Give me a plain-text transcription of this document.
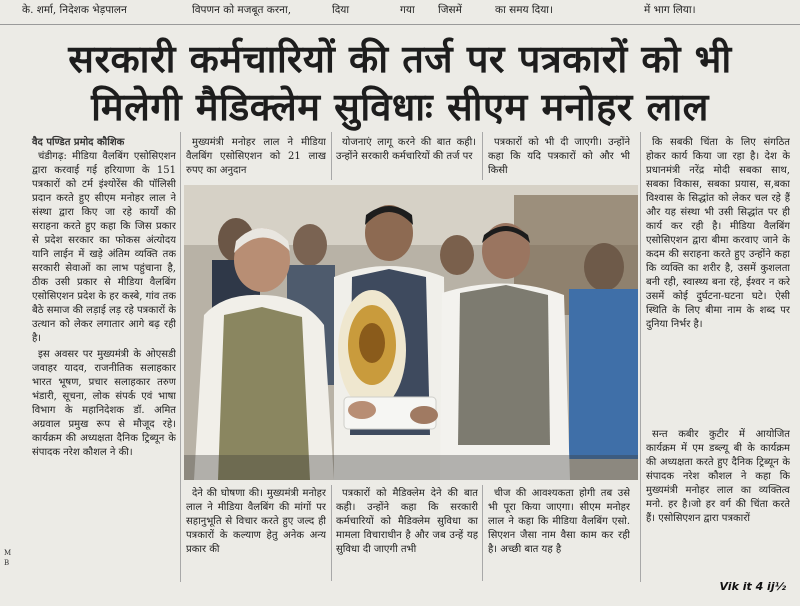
के. शर्मा, निदेशक भेड़पालन	विपणन को मजबूत करना,	दिया	गया जिसमें	का समय दिया।	में भाग लिया।
सरकारी कर्मचारियों की तर्ज पर पत्रकारों को भी
मिलेगी मैडिक्लेम सुविधाः सीएम मनोहर लाल
वैद पण्डित प्रमोद कौशिक

चंडीगढ़: मीडिया वैलबिंग एसोसिएशन द्वारा करवाई गई हरियाणा के 151 पत्रकारों को टर्म इंश्योरेंस की पॉलिसी प्रदान करते हुए सीएम मनोहर लाल ने संस्था द्वारा किए जा रहे कार्यों की सराहना करते हुए कहा कि जिस प्रकार से प्रदेश सरकार का फोकस अंत्योदय यानि लाईन में खड़े अंतिम व्यक्ति तक सरकारी सेवाओं का लाभ पहुंचाना है, ठीक उसी प्रकार से मीडिया वैलबिंग एसोसिएशन प्रदेश के हर कस्बे, गांव तक बैठे समाज की लड़ाई लड़ रहे पत्रकारों के उत्थान को लेकर लगातार आगे बढ़ रही है।

इस अवसर पर मुख्यमंत्री के ओएसडी जवाहर यादव, राजनीतिक सलाहकार भारत भूषण, प्रचार सलाहकार तरुण भंडारी, सूचना, लोक संपर्क एवं भाषा विभाग के महानिदेशक डॉ. अमित अग्रवाल प्रमुख रूप से मौजूद रहे। कार्यक्रम की अध्यक्षता दैनिक ट्रिब्यून के संपादक नरेश कौशल ने की।

मुख्यमंत्री मनोहर लाल ने मीडिया वैलबिंग एसोसिएशन को 21 लाख रुपए का अनुदान

योजनाएं लागू करने की बात कही। उन्होंने सरकारी कर्मचारियों की तर्ज पर

पत्रकारों को भी दी जाएगी। उन्होंने कहा कि यदि पत्रकारों को और भी किसी

कि सबकी चिंता के लिए संगठित होकर कार्य किया जा रहा है। देश के प्रधानमंत्री नरेंद्र मोदी सबका साथ, सबका विकास, सबका प्रयास, स,बका विश्वास के सिद्धांत को लेकर चल रहे हैं और यह संस्था भी उसी सिद्धांत पर ही कार्य कर रही है। मीडिया वैलबिंग एसोसिएशन द्वारा बीमा करवाए जाने के कदम की सराहना करते हुए उन्होंने कहा कि व्यक्ति का शरीर है, उसमें कुशलता बनी रही, स्वास्थ्य बना रहे, ईश्वर न करे उसमें कोई दुर्घटना-घटना घटे। ऐसी स्थिति के लिए बीमा नाम के शब्द पर दुनिया निर्भर है।

सन्त कबीर कुटीर में आयोजित कार्यक्रम में एम डब्ल्यू बी के कार्यक्रम की अध्यक्षता करते हुए दैनिक ट्रिब्यून के संपादक नरेश कौशल ने कहा कि मुख्यमंत्री मनोहर लाल का व्यक्तित्व मनो. हर है।जो हर वर्ग की चिंता करते हैं। एसोसिएशन द्वारा पत्रकारों

देने की घोषणा की। मुख्यमंत्री मनोहर लाल ने मीडिया वैलबिंग की मांगों पर सहानुभूति से विचार करते हुए जल्द ही पत्रकारों के कल्याण हेतु अनेक अन्य प्रकार की

पत्रकारों को मैडिक्लेम देने की बात कही। उन्होंने कहा कि सरकारी कर्मचारियों को मैडिक्लेम सुविधा का मामला विचाराधीन है और जब उन्हें यह सुविधा दी जाएगी तभी

चीज की आवश्यकता होगी तब उसे भी पूरा किया जाएगा। सीएम मनोहर लाल ने कहा कि मीडिया वैलबिंग एसो. सिएशन जैसा नाम वैसा काम कर रही है। अच्छी बात यह है

Vik it 4 ij½
M
B
